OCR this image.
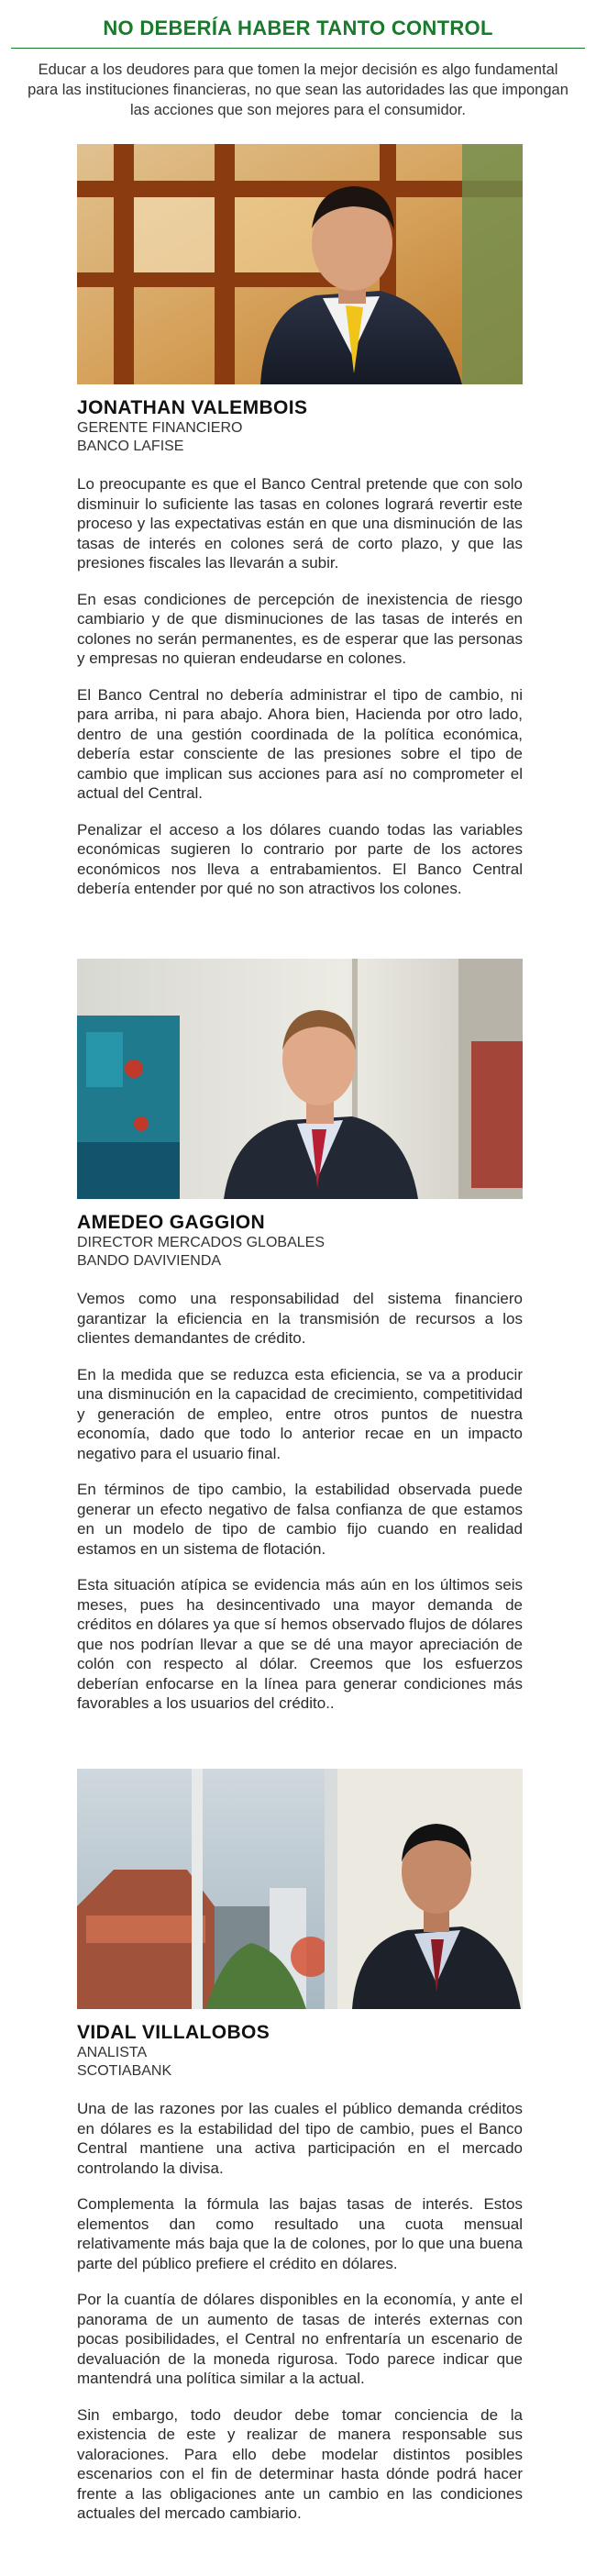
NO DEBERÍA HABER TANTO CONTROL
Educar a los deudores para que tomen la mejor decisión es algo fundamental para las instituciones financieras, no que sean las autoridades las que impongan las acciones que son mejores para el consumidor.
JONATHAN VALEMBOIS
GERENTE FINANCIERO
BANCO LAFISE

Lo preocupante es que el Banco Central pretende que con solo disminuir lo suficiente las tasas en colones logrará revertir este proceso y las expectativas están en que una disminución de las tasas de interés en colones será de corto plazo, y que las presiones fiscales las llevarán a subir.

En esas condiciones de percepción de inexistencia de riesgo cambiario y de que disminuciones de las tasas de interés en colones no serán permanentes, es de esperar que las personas y empresas no quieran endeudarse en colones.

El Banco Central no debería administrar el tipo de cambio, ni para arriba, ni para abajo. Ahora bien, Hacienda por otro lado, dentro de una gestión coordinada de la política económica, debería estar consciente de las presiones sobre el tipo de cambio que implican sus acciones para así no comprometer el actual del Central.

Penalizar el acceso a los dólares cuando todas las variables económicas sugieren lo contrario por parte de los actores económicos nos lleva a entrabamientos. El Banco Central debería entender por qué no son atractivos los colones.

AMEDEO GAGGION
DIRECTOR MERCADOS GLOBALES
BANDO DAVIVIENDA

Vemos como una responsabilidad del sistema financiero garantizar la eficiencia en la transmisión de recursos a los clientes demandantes de crédito.

En la medida que se reduzca esta eficiencia, se va a producir una disminución en la capacidad de crecimiento, competitividad y generación de empleo, entre otros puntos de nuestra economía, dado que todo lo anterior recae en un impacto negativo para el usuario final.

En términos de tipo cambio, la estabilidad observada puede generar un efecto negativo de falsa confianza de que estamos en un modelo de tipo de cambio fijo cuando en realidad estamos en un sistema de flotación.

Esta situación atípica se evidencia más aún en los últimos seis meses, pues ha desincentivado una mayor demanda de créditos en dólares ya que sí hemos observado flujos de dólares que nos podrían llevar a que se dé una mayor apreciación de colón con respecto al dólar. Creemos que los esfuerzos deberían enfocarse en la línea para generar condiciones más favorables a los usuarios del crédito..

VIDAL VILLALOBOS
ANALISTA
SCOTIABANK

Una de las razones por las cuales el público demanda créditos en dólares es la estabilidad del tipo de cambio, pues el Banco Central mantiene una activa participación en el mercado controlando la divisa.

Complementa la fórmula las bajas tasas de interés. Estos elementos dan como resultado una cuota mensual relativamente más baja que la de colones, por lo que una buena parte del público prefiere el crédito en dólares.

Por la cuantía de dólares disponibles en la economía, y ante el panorama de un aumento de tasas de interés externas con pocas posibilidades, el Central no enfrentaría un escenario de devaluación de la moneda rigurosa. Todo parece indicar que mantendrá una política similar a la actual.

Sin embargo, todo deudor debe tomar conciencia de la existencia de este y realizar de manera responsable sus valoraciones. Para ello debe modelar distintos posibles escenarios con el fin de determinar hasta dónde podrá hacer frente a las obligaciones ante un cambio en las condiciones actuales del mercado cambiario.
